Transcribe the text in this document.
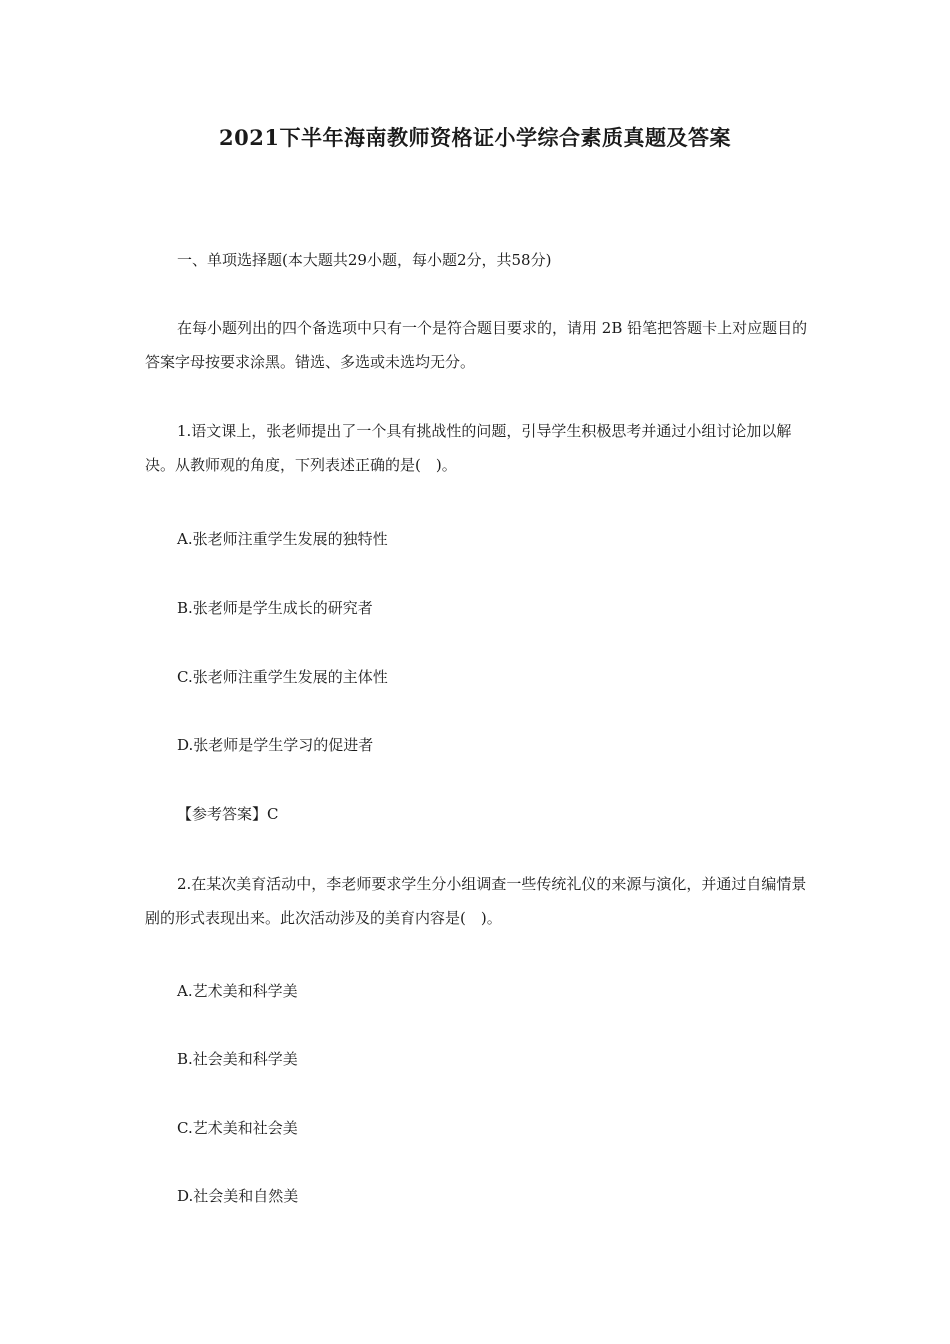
2021下半年海南教师资格证小学综合素质真题及答案

一、单项选择题(本大题共29小题，每小题2分，共58分)

在每小题列出的四个备选项中只有一个是符合题目要求的，请用 2B 铅笔把答题卡上对应题目的答案字母按要求涂黑。错选、多选或未选均无分。

1.语文课上，张老师提出了一个具有挑战性的问题，引导学生积极思考并通过小组讨论加以解决。从教师观的角度，下列表述正确的是(　)。

A.张老师注重学生发展的独特性

B.张老师是学生成长的研究者

C.张老师注重学生发展的主体性

D.张老师是学生学习的促进者

【参考答案】C

2.在某次美育活动中，李老师要求学生分小组调查一些传统礼仪的来源与演化，并通过自编情景剧的形式表现出来。此次活动涉及的美育内容是(　)。

A.艺术美和科学美

B.社会美和科学美

C.艺术美和社会美

D.社会美和自然美
